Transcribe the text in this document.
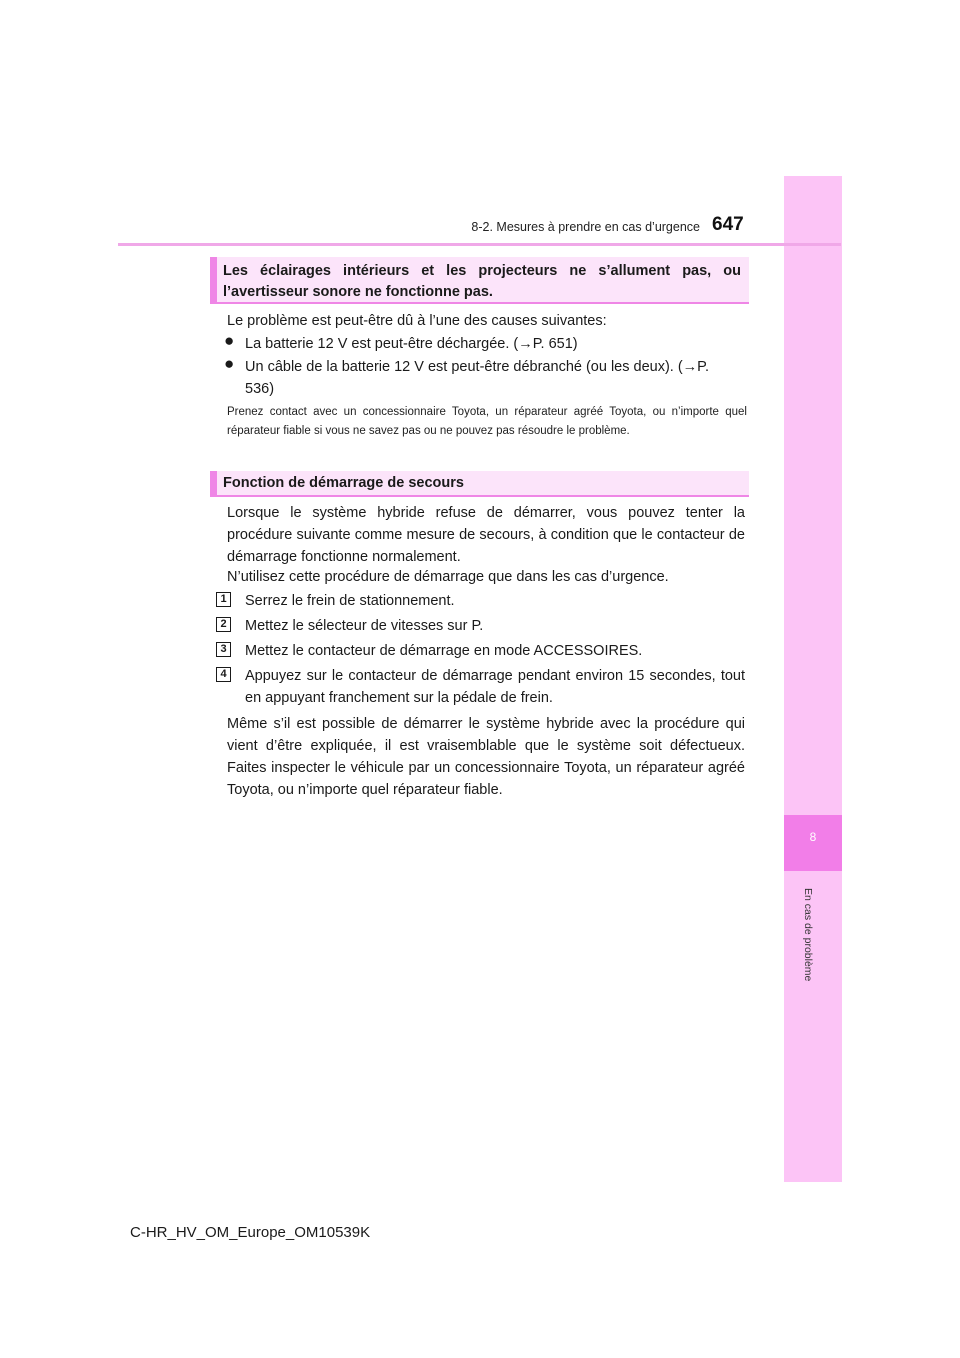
8
En cas de problème
8-2. Mesures à prendre en cas d’urgence 647
Les éclairages intérieurs et les projecteurs ne s’allument pas, ou l’avertisseur sonore ne fonctionne pas.
Le problème est peut-être dû à l’une des causes suivantes:
● La batterie 12 V est peut-être déchargée. (→P. 651)
● Un câble de la batterie 12 V est peut-être débranché (ou les deux). (→P. 536)
Prenez contact avec un concessionnaire Toyota, un réparateur agréé Toyota, ou n’importe quel réparateur fiable si vous ne savez pas ou ne pouvez pas résoudre le problème.
Fonction de démarrage de secours
Lorsque le système hybride refuse de démarrer, vous pouvez tenter la procédure suivante comme mesure de secours, à condition que le contacteur de démarrage fonctionne normalement.
N’utilisez cette procédure de démarrage que dans les cas d’urgence.
1	Serrez le frein de stationnement.
2	Mettez le sélecteur de vitesses sur P.
3	Mettez le contacteur de démarrage en mode ACCESSOIRES.
4	Appuyez sur le contacteur de démarrage pendant environ 15 secondes, tout en appuyant franchement sur la pédale de frein.
Même s’il est possible de démarrer le système hybride avec la procédure qui vient d’être expliquée, il est vraisemblable que le système soit défectueux. Faites inspecter le véhicule par un concessionnaire Toyota, un réparateur agréé Toyota, ou n’importe quel réparateur fiable.
C-HR_HV_OM_Europe_OM10539K
